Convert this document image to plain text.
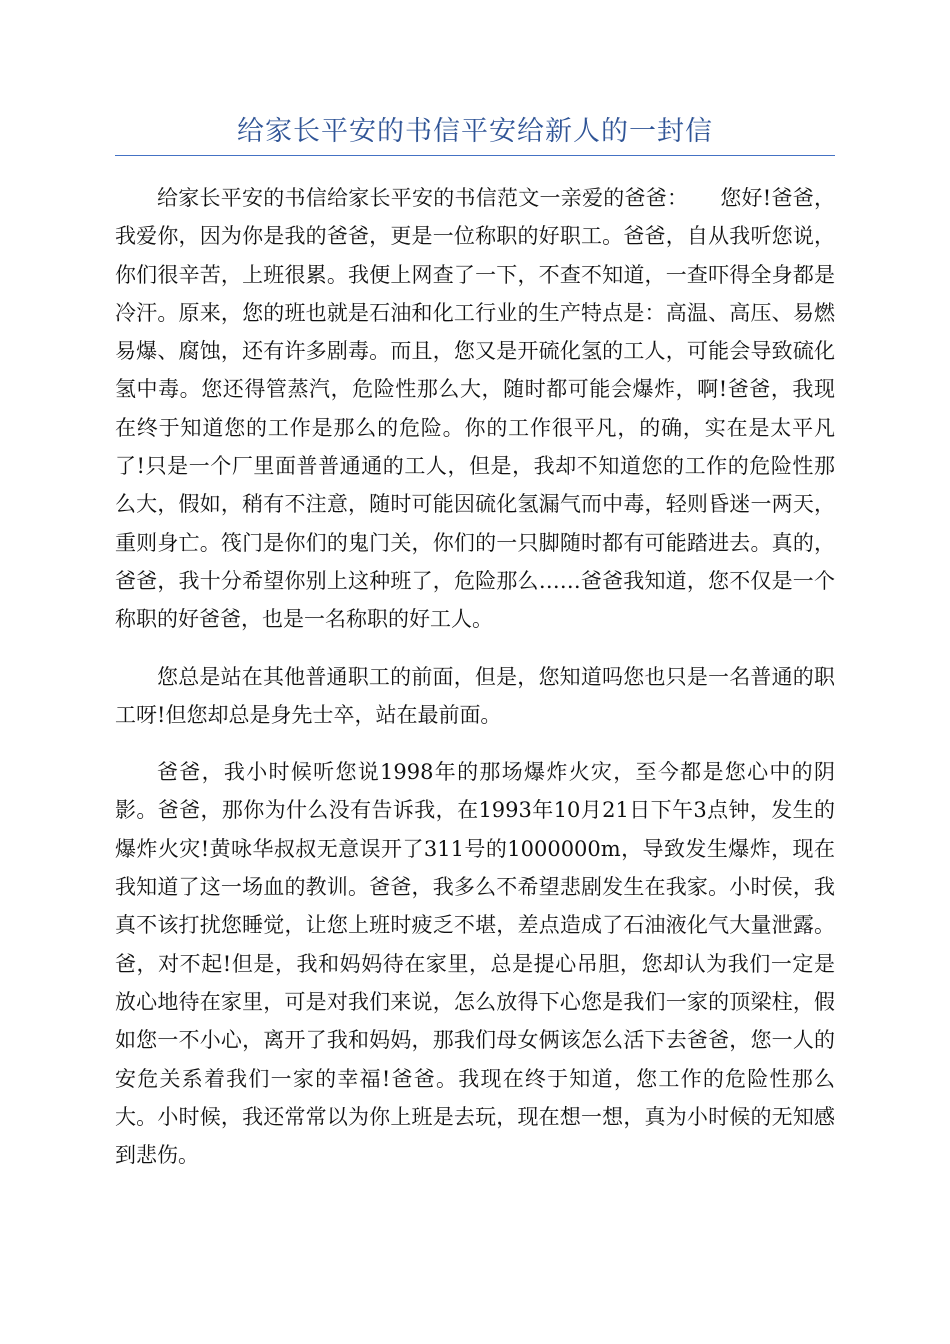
给家长平安的书信平安给新人的一封信

给家长平安的书信给家长平安的书信范文一亲爱的爸爸：　　您好!爸爸，我爱你，因为你是我的爸爸，更是一位称职的好职工。爸爸，自从我听您说，你们很辛苦，上班很累。我便上网查了一下，不查不知道，一查吓得全身都是冷汗。原来，您的班也就是石油和化工行业的生产特点是：高温、高压、易燃易爆、腐蚀，还有许多剧毒。而且，您又是开硫化氢的工人，可能会导致硫化氢中毒。您还得管蒸汽，危险性那么大，随时都可能会爆炸，啊!爸爸，我现在终于知道您的工作是那么的危险。你的工作很平凡，的确，实在是太平凡了!只是一个厂里面普普通通的工人，但是，我却不知道您的工作的危险性那么大，假如，稍有不注意，随时可能因硫化氢漏气而中毒，轻则昏迷一两天，重则身亡。筏门是你们的鬼门关，你们的一只脚随时都有可能踏进去。真的，爸爸，我十分希望你别上这种班了，危险那么……爸爸我知道，您不仅是一个称职的好爸爸，也是一名称职的好工人。

您总是站在其他普通职工的前面，但是，您知道吗您也只是一名普通的职工呀!但您却总是身先士卒，站在最前面。

爸爸，我小时候听您说1998年的那场爆炸火灾，至今都是您心中的阴影。爸爸，那你为什么没有告诉我，在1993年10月21日下午3点钟，发生的爆炸火灾!黄咏华叔叔无意误开了311号的1000000m，导致发生爆炸，现在我知道了这一场血的教训。爸爸，我多么不希望悲剧发生在我家。小时侯，我真不该打扰您睡觉，让您上班时疲乏不堪，差点造成了石油液化气大量泄露。爸，对不起!但是，我和妈妈待在家里，总是提心吊胆，您却认为我们一定是放心地待在家里，可是对我们来说，怎么放得下心您是我们一家的顶梁柱，假如您一不小心，离开了我和妈妈，那我们母女俩该怎么活下去爸爸，您一人的安危关系着我们一家的幸福!爸爸。我现在终于知道，您工作的危险性那么大。小时候，我还常常以为你上班是去玩，现在想一想，真为小时候的无知感到悲伤。
